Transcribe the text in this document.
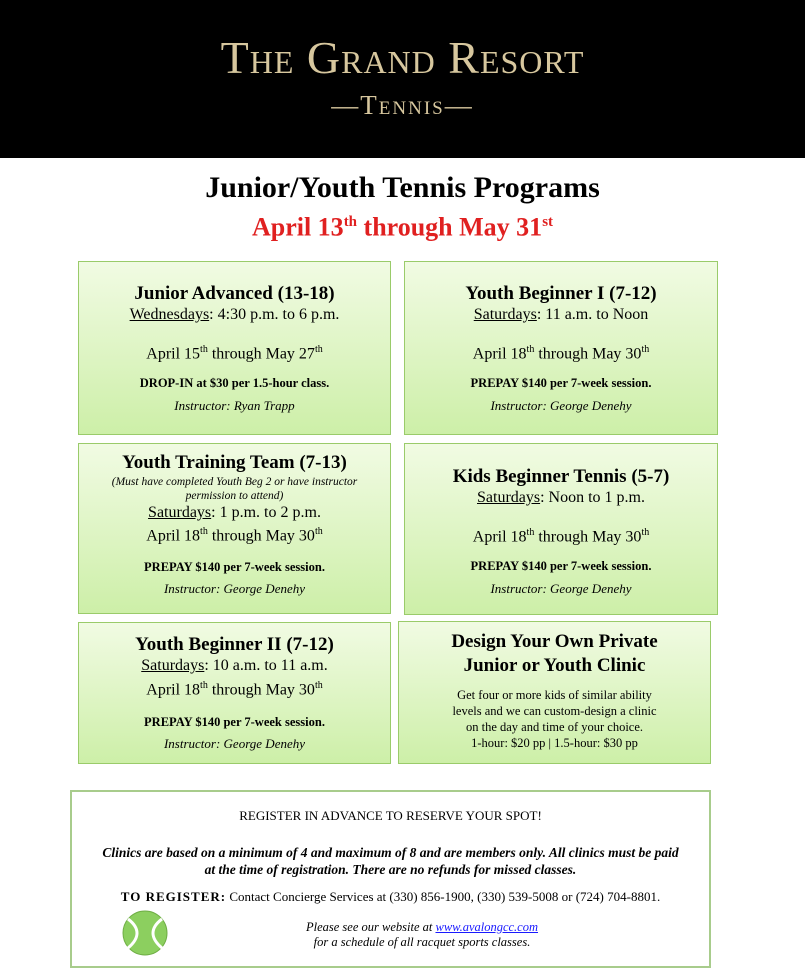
The Grand Resort
—Tennis—
Junior/Youth Tennis Programs
April 13th through May 31st
Junior Advanced (13-18)
Wednesdays: 4:30 p.m. to 6 p.m.
April 15th through May 27th
DROP-IN at $30 per 1.5-hour class.
Instructor: Ryan Trapp
Youth Beginner I (7-12)
Saturdays: 11 a.m. to Noon
April 18th through May 30th
PREPAY $140 per 7-week session.
Instructor: George Denehy
Youth Training Team (7-13)
(Must have completed Youth Beg 2 or have instructor permission to attend)
Saturdays: 1 p.m. to 2 p.m.
April 18th through May 30th
PREPAY $140 per 7-week session.
Instructor: George Denehy
Kids Beginner Tennis (5-7)
Saturdays: Noon to 1 p.m.
April 18th through May 30th
PREPAY $140 per 7-week session.
Instructor: George Denehy
Youth Beginner II (7-12)
Saturdays: 10 a.m. to 11 a.m.
April 18th through May 30th
PREPAY $140 per 7-week session.
Instructor: George Denehy
Design Your Own Private
Junior or Youth Clinic
Get four or more kids of similar ability
levels and we can custom-design a clinic
on the day and time of your choice.
1-hour: $20 pp | 1.5-hour: $30 pp
REGISTER IN ADVANCE TO RESERVE YOUR SPOT!
Clinics are based on a minimum of 4 and maximum of 8 and are members only. All clinics must be paid at the time of registration. There are no refunds for missed classes.
TO REGISTER: Contact Concierge Services at (330) 856-1900, (330) 539-5008 or (724) 704-8801.
Please see our website at www.avalongcc.com
for a schedule of all racquet sports classes.
